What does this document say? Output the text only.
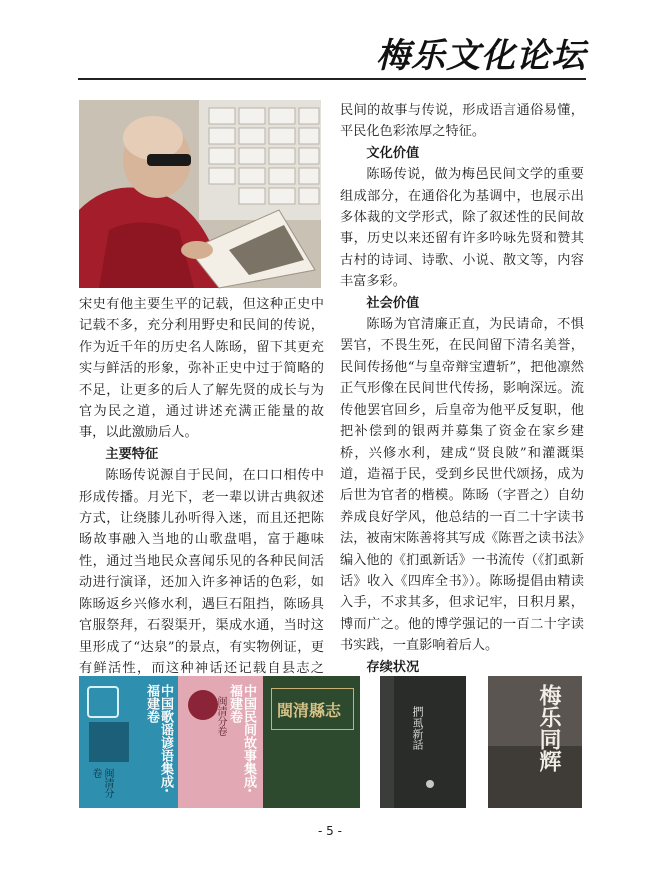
梅乐文化论坛

宋史有他主要生平的记载，但这种正史中记载不多，充分利用野史和民间的传说，作为近千年的历史名人陈旸，留下其更充实与鲜活的形象，弥补正史中过于简略的不足，让更多的后人了解先贤的成长与为官为民之道，通过讲述充满正能量的故事，以此激励后人。

主要特征

陈旸传说源自于民间，在口口相传中形成传播。月光下，老一辈以讲古典叙述方式，让绕膝儿孙听得入迷，而且还把陈旸故事融入当地的山歌盘唱，富于趣味性，通过当地民众喜闻乐见的各种民间活动进行演译，还加入许多神话的色彩，如陈旸返乡兴修水利，遇巨石阻挡，陈旸具官服祭拜，石裂渠开，渠成水通，当时这里形成了“达泉”的景点，有实物例证，更有鲜活性，而这种神话还记载自县志之

民间的故事与传说，形成语言通俗易懂，平民化色彩浓厚之特征。

文化价值

陈旸传说，做为梅邑民间文学的重要组成部分，在通俗化为基调中，也展示出多体裁的文学形式，除了叙述性的民间故事，历史以来还留有许多吟咏先贤和赞其古村的诗词、诗歌、小说、散文等，内容丰富多彩。

社会价值

陈旸为官清廉正直，为民请命，不惧罢官，不畏生死，在民间留下清名美誉，民间传扬他“与皇帝辩宝遭斩”，把他凛然正气形像在民间世代传扬，影响深远。流传他罢官回乡，后皇帝为他平反复职，他把补偿到的银两并募集了资金在家乡建桥，兴修水利，建成“贤良陂”和灌溉渠道，造福于民，受到乡民世代颂扬，成为后世为官者的楷模。陈旸（字晋之）自幼养成良好学风，他总结的一百二十字读书法，被南宋陈善将其写成《陈晋之读书法》编入他的《扪虱新话》一书流传（《扪虱新话》收入《四库全书》）。陈旸提倡由精读入手，不求其多，但求记牢，日积月累，博而广之。他的博学强记的一百二十字读书实践，一直影响着后人。

存续状况

中国歌谣谚语集成·福建卷
闽清分卷	中国民间故事集成·福建卷
闽清分卷	閩清縣志	捫虱新話	梅乐同辉
- 5 -
